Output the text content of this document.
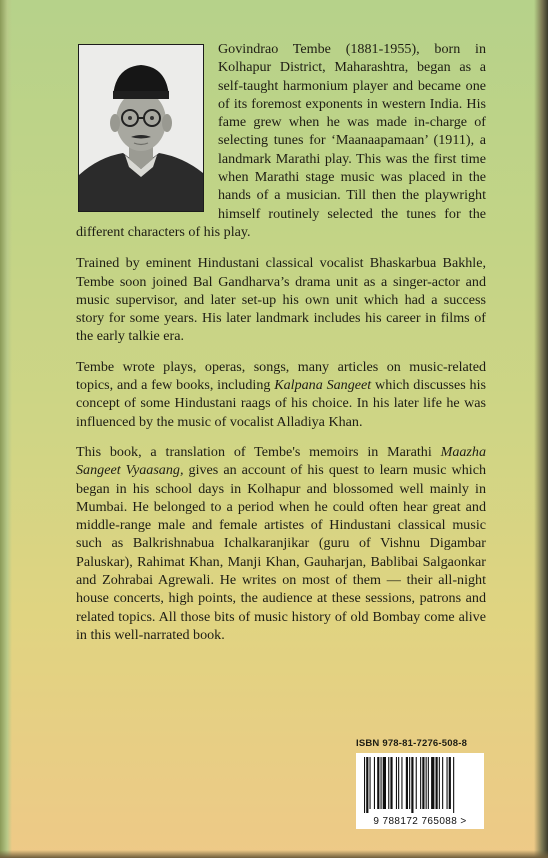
Govindrao Tembe (1881-1955), born in Kolhapur District, Maharashtra, began as a self-taught harmonium player and became one of its foremost exponents in western India. His fame grew when he was made in-charge of selecting tunes for ‘Maanaapamaan’ (1911), a landmark Marathi play. This was the first time when Marathi stage music was placed in the hands of a musician. Till then the playwright himself routinely selected the tunes for the different characters of his play.

Trained by eminent Hindustani classical vocalist Bhaskarbua Bakhle, Tembe soon joined Bal Gandharva’s drama unit as a singer-actor and music supervisor, and later set-up his own unit which had a success story for some years. His later landmark includes his career in films of the early talkie era.

Tembe wrote plays, operas, songs, many articles on music-related topics, and a few books, including Kalpana Sangeet which discusses his concept of some Hindustani raags of his choice. In his later life he was influenced by the music of vocalist Alladiya Khan.

This book, a translation of Tembe's memoirs in Marathi Maazha Sangeet Vyaasang, gives an account of his quest to learn music which began in his school days in Kolhapur and blossomed well mainly in Mumbai. He belonged to a period when he could often hear great and middle-range male and female artistes of Hindustani classical music such as Balkrishnabua Ichalkaranjikar (guru of Vishnu Digambar Paluskar), Rahimat Khan, Manji Khan, Gauharjan, Bablibai Salgaonkar and Zohrabai Agrewali. He writes on most of them — their all-night house concerts, high points, the audience at these sessions, patrons and related topics. All those bits of music history of old Bombay come alive in this well-narrated book.

ISBN 978-81-7276-508-8
9 788172 765088 >
